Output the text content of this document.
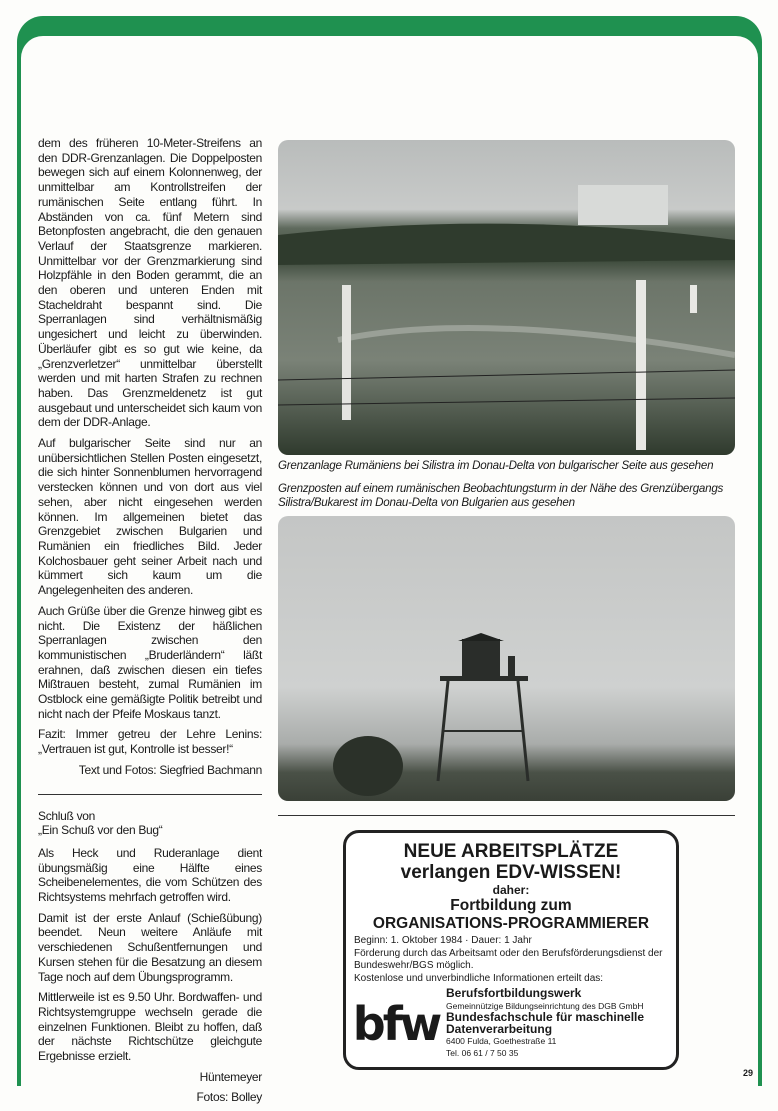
dem des früheren 10-Meter-Streifens an den DDR-Grenzanlagen. Die Doppelposten bewegen sich auf einem Kolonnenweg, der unmittelbar am Kontrollstreifen der rumänischen Seite entlang führt. In Abständen von ca. fünf Metern sind Betonpfosten angebracht, die den genauen Verlauf der Staatsgrenze markieren. Unmittelbar vor der Grenzmarkierung sind Holzpfähle in den Boden gerammt, die an den oberen und unteren Enden mit Stacheldraht bespannt sind. Die Sperranlagen sind verhältnismäßig ungesichert und leicht zu überwinden. Überläufer gibt es so gut wie keine, da „Grenzverletzer“ unmittelbar überstellt werden und mit harten Strafen zu rechnen haben. Das Grenzmeldenetz ist gut ausgebaut und unterscheidet sich kaum von dem der DDR-Anlage.

Auf bulgarischer Seite sind nur an unübersichtlichen Stellen Posten eingesetzt, die sich hinter Sonnenblumen hervorragend verstecken können und von dort aus viel sehen, aber nicht eingesehen werden können. Im allgemeinen bietet das Grenzgebiet zwischen Bulgarien und Rumänien ein friedliches Bild. Jeder Kolchosbauer geht seiner Arbeit nach und kümmert sich kaum um die Angelegenheiten des anderen.

Auch Grüße über die Grenze hinweg gibt es nicht. Die Existenz der häßlichen Sperranlagen zwischen den kommunistischen „Bruderländern“ läßt erahnen, daß zwischen diesen ein tiefes Mißtrauen besteht, zumal Rumänien im Ostblock eine gemäßigte Politik betreibt und nicht nach der Pfeife Moskaus tanzt.

Fazit: Immer getreu der Lehre Lenins: „Vertrauen ist gut, Kontrolle ist besser!“

Text und Fotos: Siegfried Bachmann

Schluß von
„Ein Schuß vor den Bug“

Als Heck und Ruderanlage dient übungsmäßig eine Hälfte eines Scheibenelementes, die vom Schützen des Richtsystems mehrfach getroffen wird.

Damit ist der erste Anlauf (Schießübung) beendet. Neun weitere Anläufe mit verschiedenen Schußentfernungen und Kursen stehen für die Besatzung an diesem Tage noch auf dem Übungsprogramm.

Mittlerweile ist es 9.50 Uhr. Bordwaffen- und Richtsystemgruppe wechseln gerade die einzelnen Funktionen. Bleibt zu hoffen, daß der nächste Richtschütze gleichgute Ergebnisse erzielt.

Hüntemeyer

Fotos: Bolley

Grenzanlage Rumäniens bei Silistra im Donau-Delta von bulgarischer Seite aus gesehen
Grenzposten auf einem rumänischen Beobachtungsturm in der Nähe des Grenzübergangs Silistra/Bukarest im Donau-Delta von Bulgarien aus gesehen
NEUE ARBEITSPLÄTZE
verlangen EDV-WISSEN!
daher:
Fortbildung zum
ORGANISATIONS-PROGRAMMIERER
Beginn: 1. Oktober 1984 · Dauer: 1 Jahr
Förderung durch das Arbeitsamt oder den Berufsförderungsdienst der Bundeswehr/BGS möglich.
Kostenlose und unverbindliche Informationen erteilt das:
bfw
Berufsfortbildungswerk
Gemeinnützige Bildungseinrichtung des DGB GmbH
Bundesfachschule für maschinelle Datenverarbeitung
6400 Fulda, Goethestraße 11
Tel. 06 61 / 7 50 35
29
